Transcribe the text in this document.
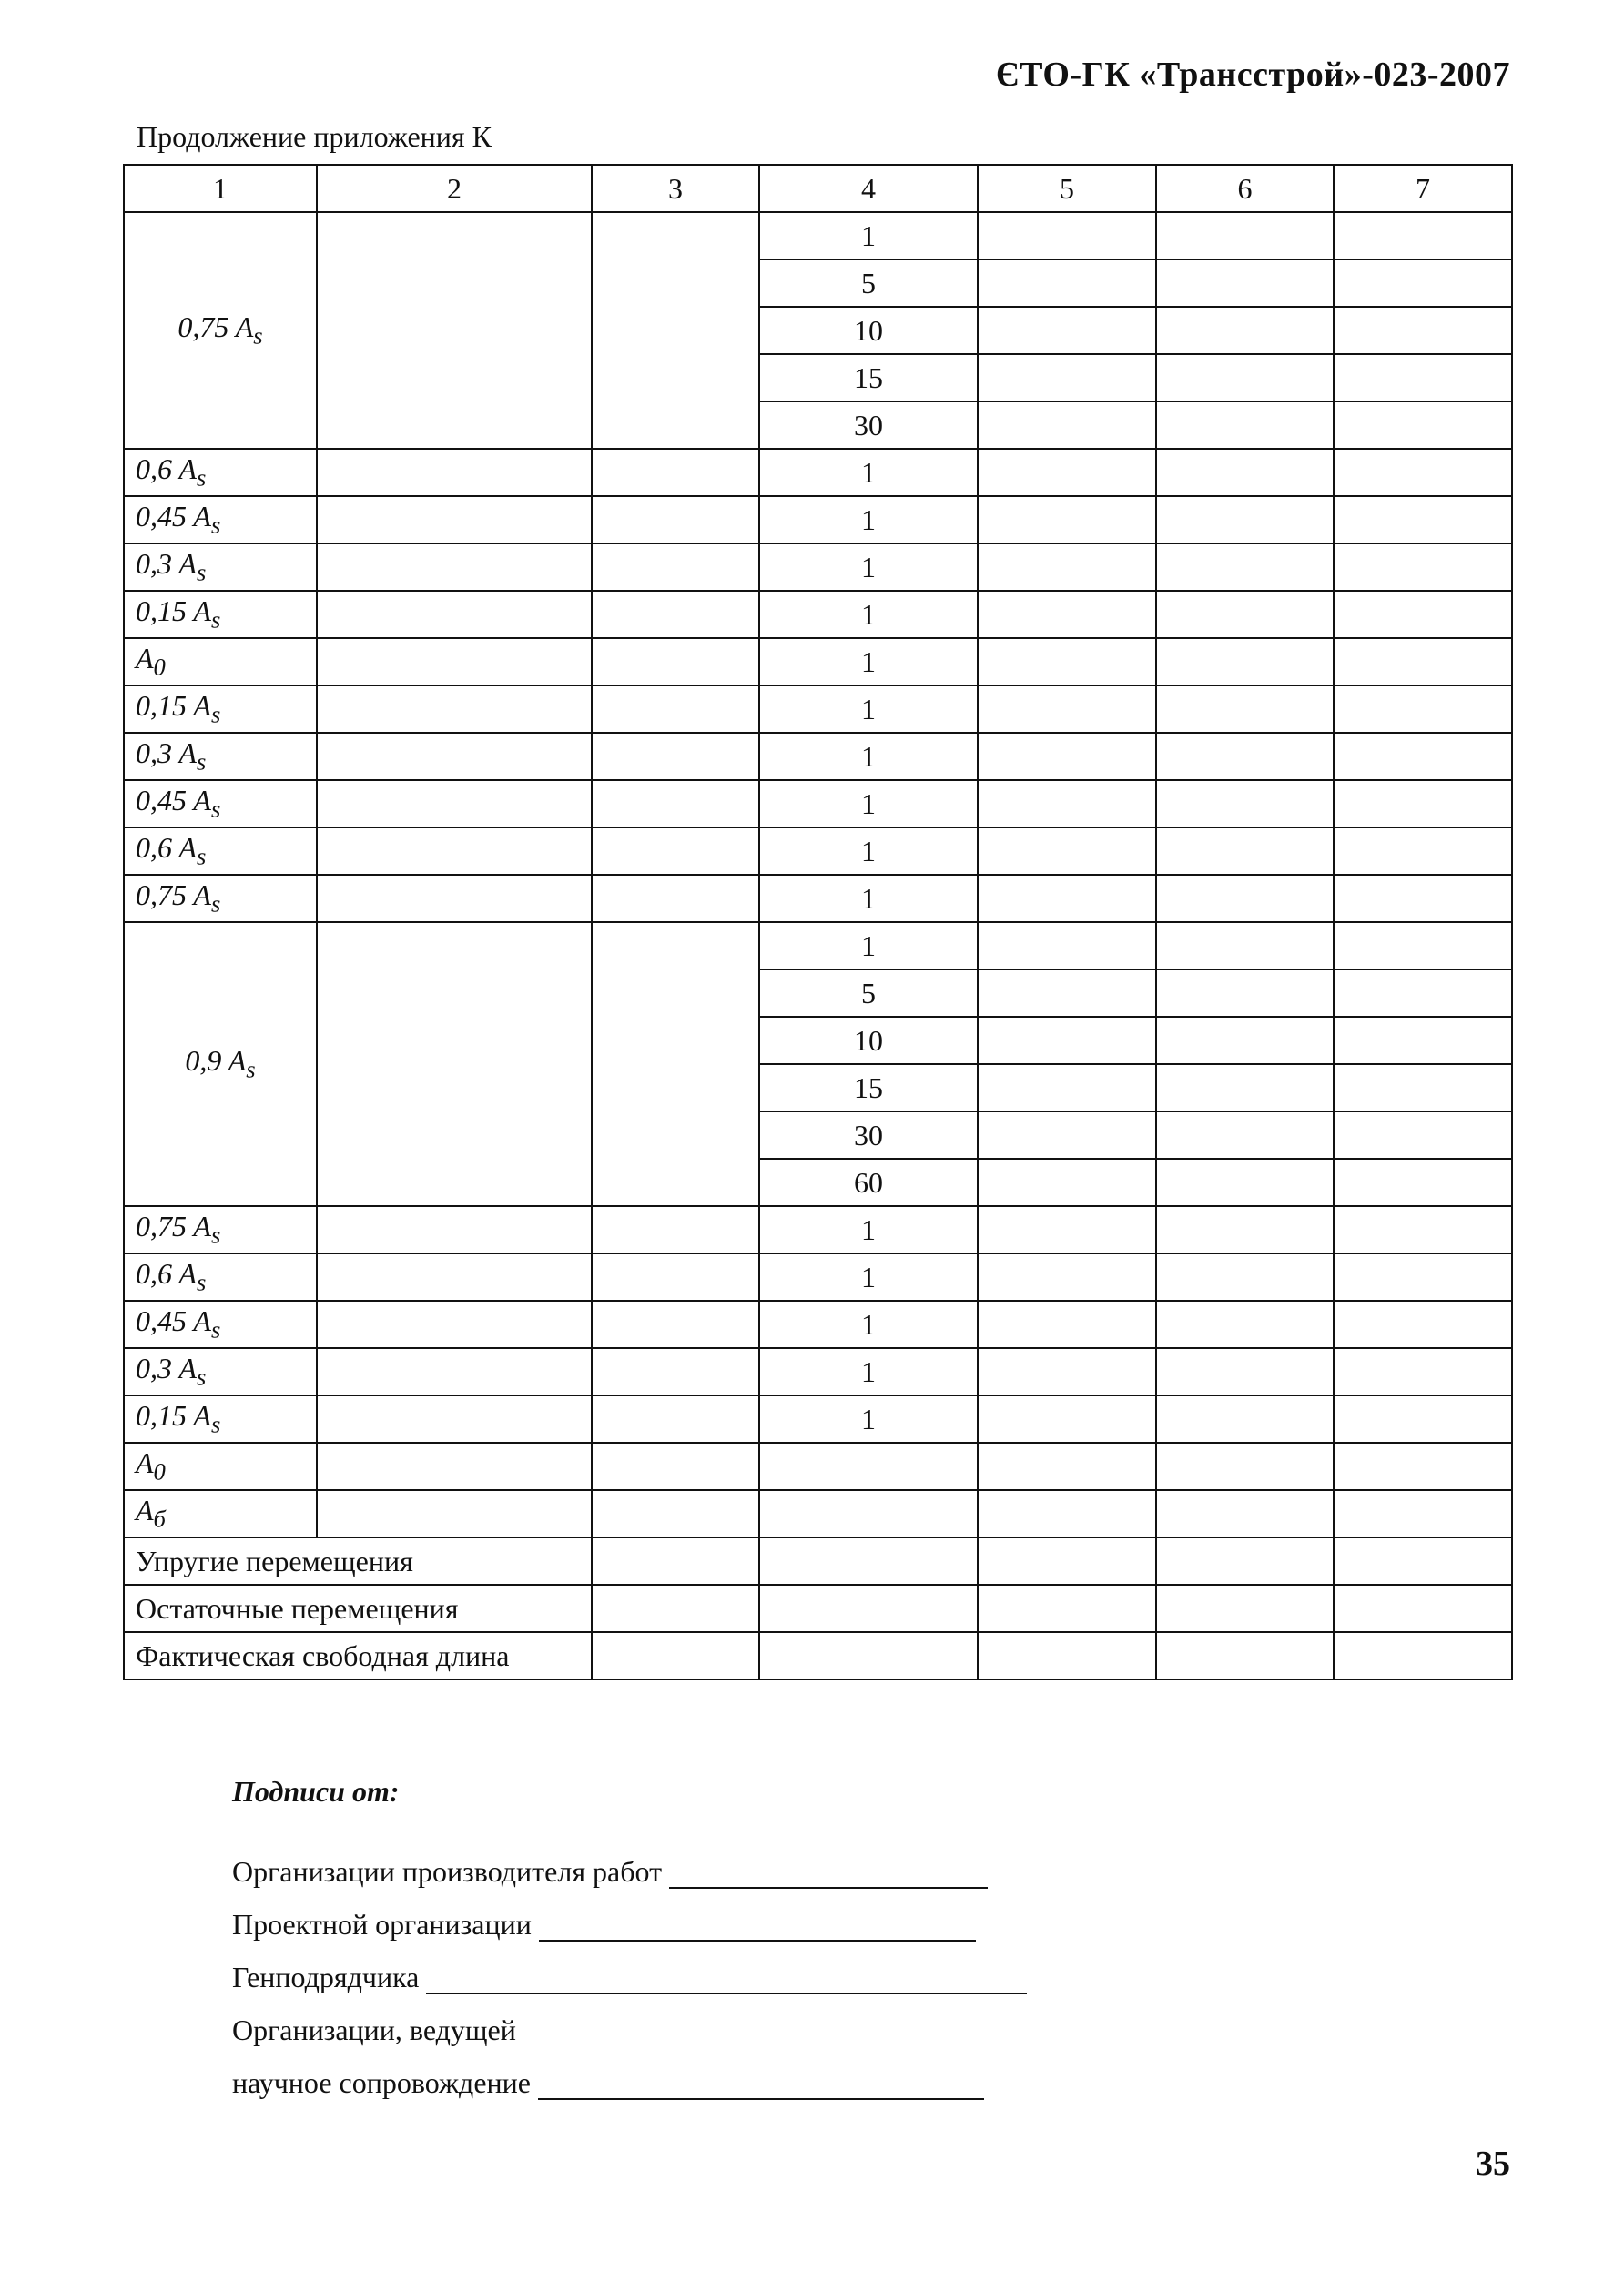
ЄТО-ГК «Трансстрой»-023-2007
Продолжение приложения К
1	2	3	4	5	6	7
0,75 $A_s$			1			
			5			
			10			
			15			
			30			
0,6 $A_s$			1			
0,45 $A_s$			1			
0,3 $A_s$			1			
0,15 $A_s$			1			
$A_0$			1			
0,15 $A_s$			1			
0,3 $A_s$			1			
0,45 $A_s$			1			
0,6 $A_s$			1			
0,75 $A_s$			1			
0,9 $A_s$			1			
			5			
			10			
			15			
			30			
			60			
0,75 $A_s$			1			
0,6 $A_s$			1			
0,45 $A_s$			1			
0,3 $A_s$			1			
0,15 $A_s$			1			
$A_0$						
$A_б$						
Упругие перемещения						
Остаточные перемещения						
Фактическая свободная длина						
Подписи от:
Организации производителя работ
Проектной организации
Генподрядчика
Организации, ведущей
научное сопровождение
35
